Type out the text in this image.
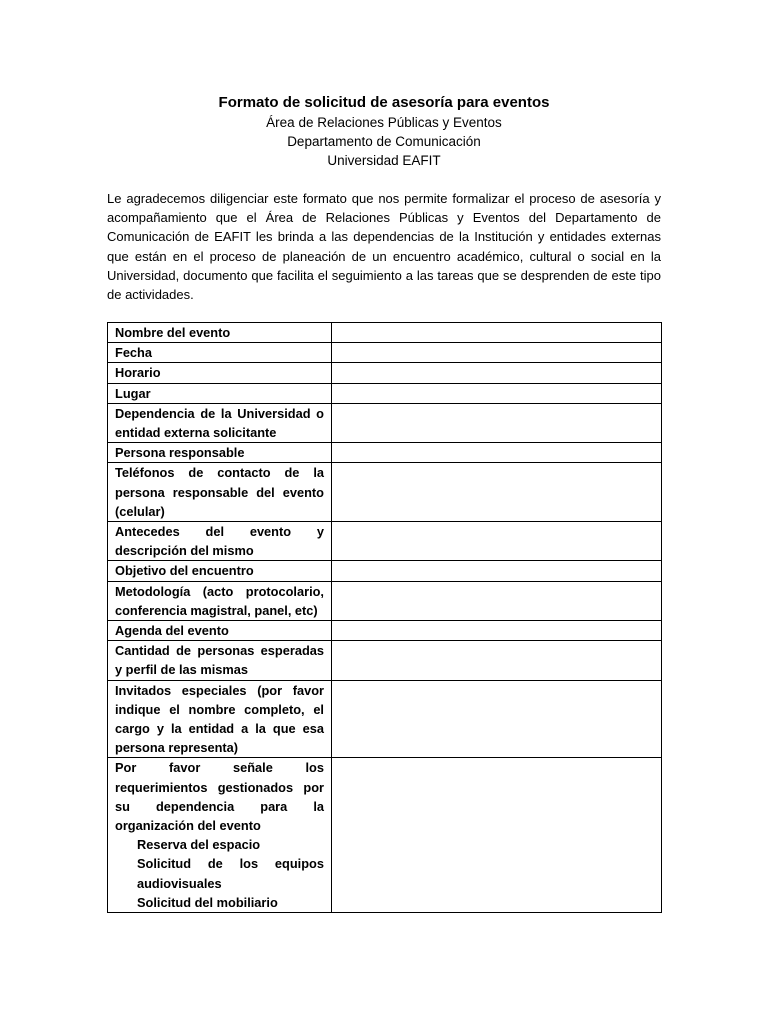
Formato de solicitud de asesoría para eventos
Área de Relaciones Públicas y Eventos
Departamento de Comunicación
Universidad EAFIT

Le agradecemos diligenciar este formato que nos permite formalizar el proceso de asesoría y acompañamiento que el Área de Relaciones Públicas y Eventos del Departamento de Comunicación de EAFIT les brinda a las dependencias de la Institución y entidades externas que están en el proceso de planeación de un encuentro académico, cultural o social en la Universidad, documento que facilita el seguimiento a las tareas que se desprenden de este tipo de actividades.

Nombre del evento	
Fecha	
Horario	
Lugar	
Dependencia de la Universidad o entidad externa solicitante	
Persona responsable	
Teléfonos de contacto de la persona responsable del evento (celular)	

Antecedes del evento y
descripción del mismo	

Objetivo del encuentro	
Metodología (acto protocolario, conferencia magistral, panel, etc)	
Agenda del evento	
Cantidad de personas esperadas y perfil de las mismas	
Invitados especiales (por favor indique el nombre completo, el cargo y la entidad a la que esa persona representa)	

Por favor señale los requerimientos gestionados por su dependencia para la organización del evento
Reserva del espacio
Solicitud de los equipos audiovisuales
Solicitud del mobiliario	
